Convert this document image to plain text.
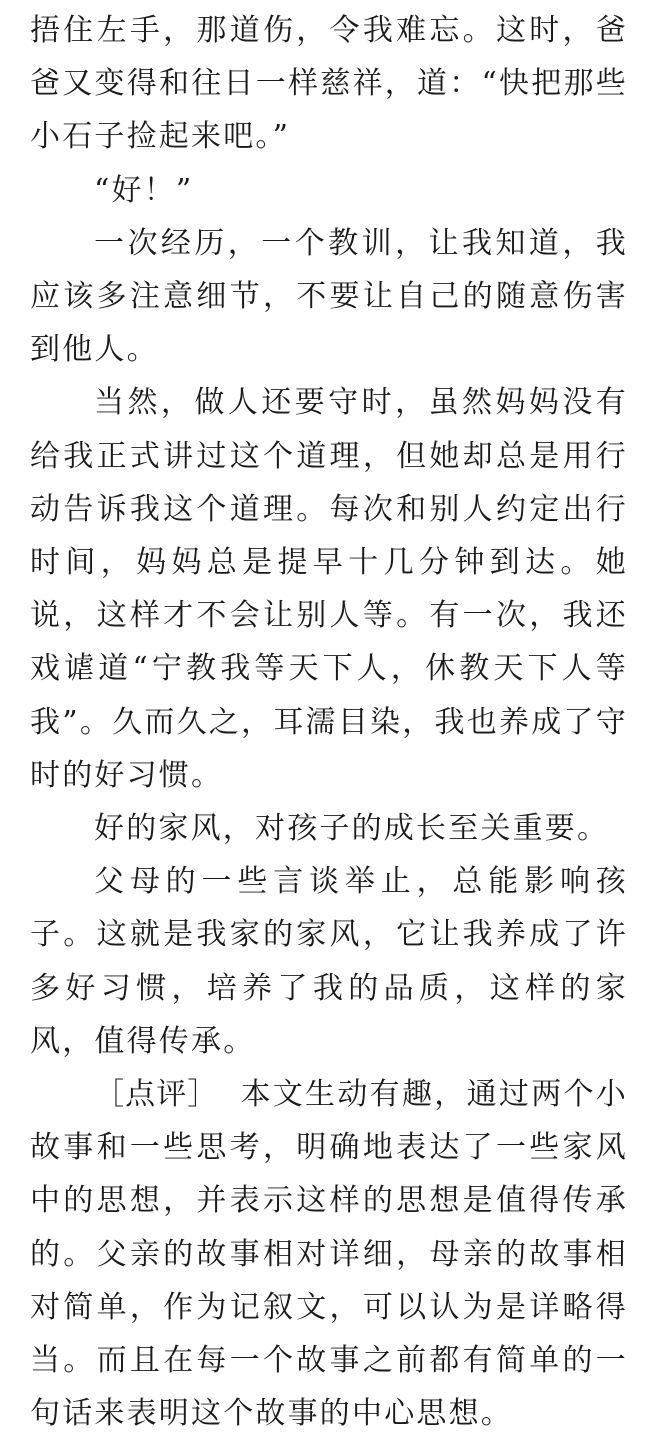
捂住左手，那道伤，令我难忘。这时，爸爸又变得和往日一样慈祥，道：“快把那些小石子捡起来吧。”

“好！”

一次经历，一个教训，让我知道，我应该多注意细节，不要让自己的随意伤害到他人。

当然，做人还要守时，虽然妈妈没有给我正式讲过这个道理，但她却总是用行动告诉我这个道理。每次和别人约定出行时间，妈妈总是提早十几分钟到达。她说，这样才不会让别人等。有一次，我还戏谑道“宁教我等天下人，休教天下人等我”。久而久之，耳濡目染，我也养成了守时的好习惯。

好的家风，对孩子的成长至关重要。

父母的一些言谈举止，总能影响孩子。这就是我家的家风，它让我养成了许多好习惯，培养了我的品质，这样的家风，值得传承。

［点评］ 本文生动有趣，通过两个小故事和一些思考，明确地表达了一些家风中的思想，并表示这样的思想是值得传承的。父亲的故事相对详细，母亲的故事相对简单，作为记叙文，可以认为是详略得当。而且在每一个故事之前都有简单的一句话来表明这个故事的中心思想。
